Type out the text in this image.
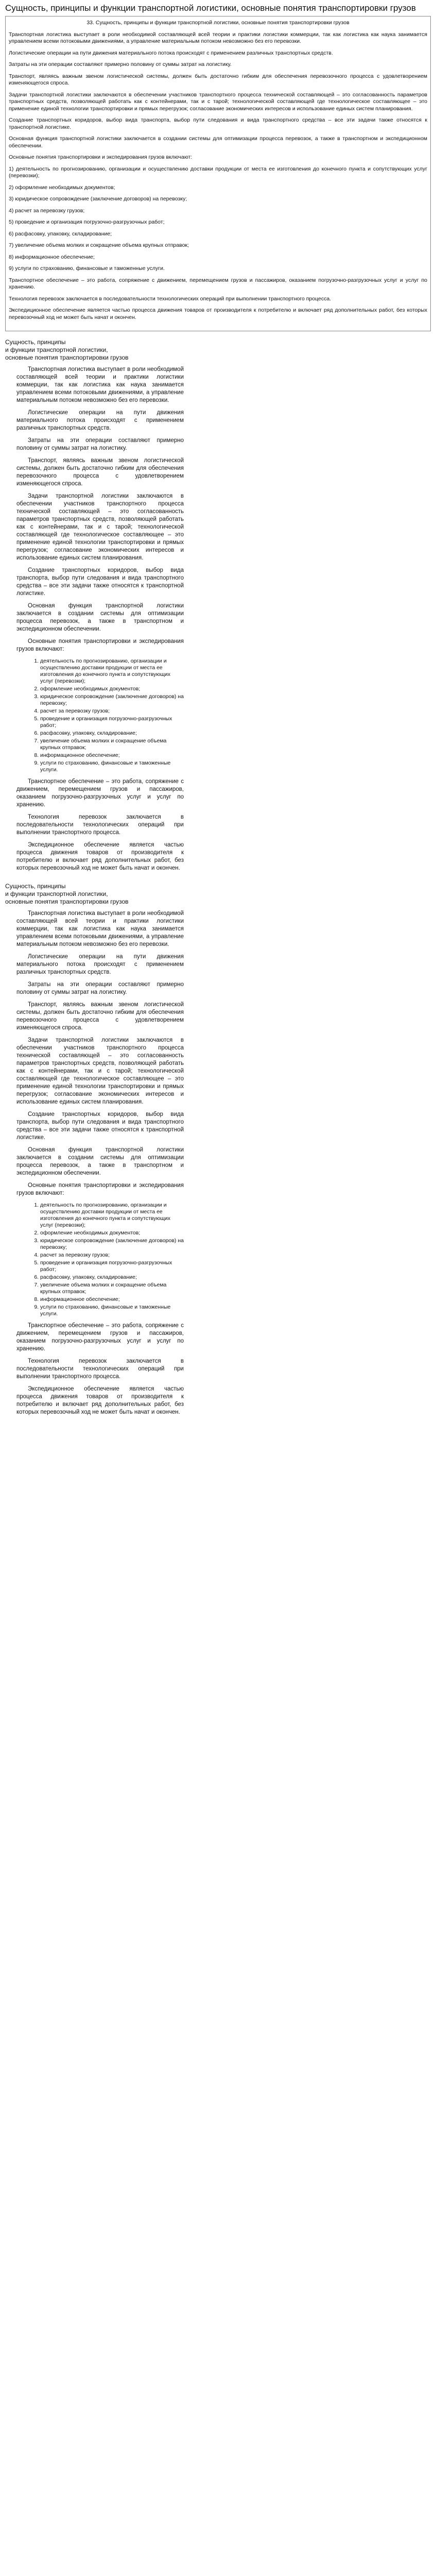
Сущность, принципы и функции транспортной логистики, основные понятия транспортировки грузов

33. Сущность, принципы и функции транспортной логистики, основные понятия транспортировки грузов

Транспортная логистика выступает в роли необходимой составляющей всей теории и практики логистики коммерции, так как логистика как наука занимается управлением всеми потоковыми движениями, а управление материальным потоком невозможно без его перевозки.

Логистические операции на пути движения материального потока происходят с применением различных транспортных средств.

Затраты на эти операции составляют примерно половину от суммы затрат на логистику.

Транспорт, являясь важным звеном логистической системы, должен быть достаточно гибким для обеспечения перевозочного процесса с удовлетворением изменяющегося спроса.

Задачи транспортной логистики заключаются в обеспечении участников транспортного процесса технической составляющей – это согласованность параметров транспортных средств, позволяющей работать как с контейнерами, так и с тарой; технологической составляющей где технологическое составляющее – это применение единой технологии транспортировки и прямых перегрузок; согласование экономических интересов и использование единых систем планирования.

Создание транспортных коридоров, выбор вида транспорта, выбор пути следования и вида транспортного средства – все эти задачи также относятся к транспортной логистике.

Основная функция транспортной логистики заключается в создании системы для оптимизации процесса перевозок, а также в транспортном и экспедиционном обеспечении.

Основные понятия транспортировки и экспедирования грузов включают:

1) деятельность по прогнозированию, организации и осуществлению доставки продукции от места ее изготовления до конечного пункта и сопутствующих услуг (перевозки);

2) оформление необходимых документов;

3) юридическое сопровождение (заключение договоров) на перевозку;

4) расчет за перевозку грузов;

5) проведение и организация погрузочно-разгрузочных работ;

6) расфасовку, упаковку, складирование;

7) увеличение объема молких и сокращение объема крупных отправок;

8) информационное обеспечение;

9) услуги по страхованию, финансовые и таможенные услуги.

Транспортное обеспечение – это работа, сопряжение с движением, перемещением грузов и пассажиров, оказанием погрузочно-разгрузочных услуг и услуг по хранению.

Технология перевозок заключается в последовательности технологических операций при выполнении транспортного процесса.

Экспедиционное обеспечение является частью процесса движения товаров от производителя к потребителю и включает ряд дополнительных работ, без которых перевозочный ход не может быть начат и окончен.

Сущность, принципы
и функции транспортной логистики,
основные понятия транспортировки грузов

Транспортная логистика выступает в роли необходимой составляющей всей теории и практики логистики коммерции, так как логистика как наука занимается управлением всеми потоковыми движениями, а управление материальным потоком невозможно без его перевозки.

Логистические операции на пути движения материального потока происходят с применением различных транспортных средств.

Затраты на эти операции составляют примерно половину от суммы затрат на логистику.

Транспорт, являясь важным звеном логистической системы, должен быть достаточно гибким для обеспечения перевозочного процесса с удовлетворением изменяющегося спроса.

Задачи транспортной логистики заключаются в обеспечении участников транспортного процесса технической составляющей – это согласованность параметров транспортных средств, позволяющей работать как с контейнерами, так и с тарой; технологической составляющей где технологическое составляющее – это применение единой технологии транспортировки и прямых перегрузок; согласование экономических интересов и использование единых систем планирования.

Создание транспортных коридоров, выбор вида транспорта, выбор пути следования и вида транспортного средства – все эти задачи также относятся к транспортной логистике.

Основная функция транспортной логистики заключается в создании системы для оптимизации процесса перевозок, а также в транспортном и экспедиционном обеспечении.

Основные понятия транспортировки и экспедирования грузов включают:

1. деятельность по прогнозированию, организации и осуществлению доставки продукции от места ее изготовления до конечного пункта и сопутствующих услуг (перевозки);
2. оформление необходимых документов;
3. юридическое сопровождение (заключение договоров) на перевозку;
4. расчет за перевозку грузов;
5. проведение и организация погрузочно-разгрузочных работ;
6. расфасовку, упаковку, складирование;
7. увеличение объема молких и сокращение объема крупных отправок;
8. информационное обеспечение;
9. услуги по страхованию, финансовые и таможенные услуги.

Транспортное обеспечение – это работа, сопряжение с движением, перемещением грузов и пассажиров, оказанием погрузочно-разгрузочных услуг и услуг по хранению.

Технология перевозок заключается в последовательности технологических операций при выполнении транспортного процесса.

Экспедиционное обеспечение является частью процесса движения товаров от производителя к потребителю и включает ряд дополнительных работ, без которых перевозочный ход не может быть начат и окончен.

Сущность, принципы
и функции транспортной логистики,
основные понятия транспортировки грузов

Транспортная логистика выступает в роли необходимой составляющей всей теории и практики логистики коммерции, так как логистика как наука занимается управлением всеми потоковыми движениями, а управление материальным потоком невозможно без его перевозки.

Логистические операции на пути движения материального потока происходят с применением различных транспортных средств.

Затраты на эти операции составляют примерно половину от суммы затрат на логистику.

Транспорт, являясь важным звеном логистической системы, должен быть достаточно гибким для обеспечения перевозочного процесса с удовлетворением изменяющегося спроса.

Задачи транспортной логистики заключаются в обеспечении участников транспортного процесса технической составляющей – это согласованность параметров транспортных средств, позволяющей работать как с контейнерами, так и с тарой; технологической составляющей где технологическое составляющее – это применение единой технологии транспортировки и прямых перегрузок; согласование экономических интересов и использование единых систем планирования.

Создание транспортных коридоров, выбор вида транспорта, выбор пути следования и вида транспортного средства – все эти задачи также относятся к транспортной логистике.

Основная функция транспортной логистики заключается в создании системы для оптимизации процесса перевозок, а также в транспортном и экспедиционном обеспечении.

Основные понятия транспортировки и экспедирования грузов включают:

1. деятельность по прогнозированию, организации и осуществлению доставки продукции от места ее изготовления до конечного пункта и сопутствующих услуг (перевозки);
2. оформление необходимых документов;
3. юридическое сопровождение (заключение договоров) на перевозку;
4. расчет за перевозку грузов;
5. проведение и организация погрузочно-разгрузочных работ;
6. расфасовку, упаковку, складирование;
7. увеличение объема молких и сокращение объема крупных отправок;
8. информационное обеспечение;
9. услуги по страхованию, финансовые и таможенные услуги.

Транспортное обеспечение – это работа, сопряжение с движением, перемещением грузов и пассажиров, оказанием погрузочно-разгрузочных услуг и услуг по хранению.

Технология перевозок заключается в последовательности технологических операций при выполнении транспортного процесса.

Экспедиционное обеспечение является частью процесса движения товаров от производителя к потребителю и включает ряд дополнительных работ, без которых перевозочный ход не может быть начат и окончен.
